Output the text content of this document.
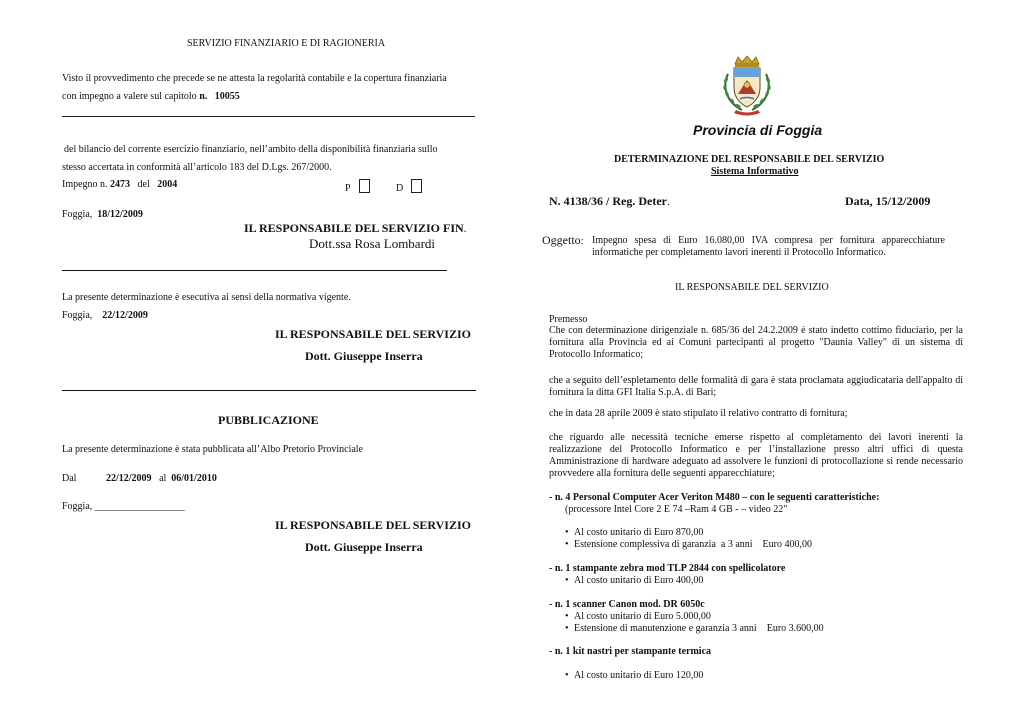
SERVIZIO FINANZIARIO E DI RAGIONERIA
Visto il provvedimento che precede se ne attesta la regolarità contabile e la copertura finanziaria
con impegno a valere sul capitolo n. 10055
del bilancio del corrente esercizio finanziario, nell’ambito della disponibilità finanziaria sullo
stesso accertata in conformità all’articolo 183 del D.Lgs. 267/2000.
Impegno n. 2473 del 2004	P	D
Foggia, 18/12/2009
IL RESPONSABILE DEL SERVIZIO FIN.
Dott.ssa Rosa Lombardi
La presente determinazione è esecutiva ai sensi della normativa vigente.
Foggia, 22/12/2009
IL RESPONSABILE DEL SERVIZIO
Dott. Giuseppe Inserra
PUBBLICAZIONE
La presente determinazione è stata pubblicata all’Albo Pretorio Provinciale
Dal	22/12/2009 al 06/01/2010
Foggia, __________________
IL RESPONSABILE DEL SERVIZIO
Dott. Giuseppe Inserra
Provincia di Foggia
DETERMINAZIONE DEL RESPONSABILE DEL SERVIZIO
Sistema Informativo
N. 4138/36 / Reg. Deter.	Data, 15/12/2009
Oggetto: Impegno spesa di Euro 16.080,00 IVA compresa per fornitura apparecchiature
informatiche per completamento lavori inerenti il Protocollo Informatico.
IL RESPONSABILE DEL SERVIZIO
Premesso
Che con determinazione dirigenziale n. 685/36 del 24.2.2009 è stato indetto cottimo fiduciario, per la fornitura alla Provincia ed ai Comuni partecipanti al progetto "Daunia Valley" di un sistema di Protocollo Informatico;
che a seguito dell’espletamento delle formalità di gara è stata proclamata aggiudicataria dell'appalto di fornitura la ditta GFI Italia S.p.A. di Bari;
che in data 28 aprile 2009 è stato stipulato il relativo contratto di fornitura;
che riguardo alle necessità tecniche emerse rispetto al completamento dei lavori inerenti la realizzazione del Protocollo Informatico e per l’installazione presso altri uffici di questa Amministrazione di hardware adeguato ad assolvere le funzioni di protocollazione si rende necessario provvedere alla fornitura delle seguenti apparecchiature;
- n. 4 Personal Computer Acer Veriton M480 – con le seguenti caratteristiche:
(processore Intel Core 2 E 74 –Ram 4 GB - – video 22"
• Al costo unitario di Euro 870,00
• Estensione complessiva di garanzia  a 3 anni    Euro 400,00
- n. 1 stampante zebra mod TLP 2844 con spellicolatore
• Al costo unitario di Euro 400,00
- n. 1 scanner Canon mod. DR 6050c
• Al costo unitario di Euro 5.000,00
• Estensione di manutenzione e garanzia 3 anni    Euro 3.600,00
- n. 1 kit nastri per stampante termica
• Al costo unitario di Euro 120,00
